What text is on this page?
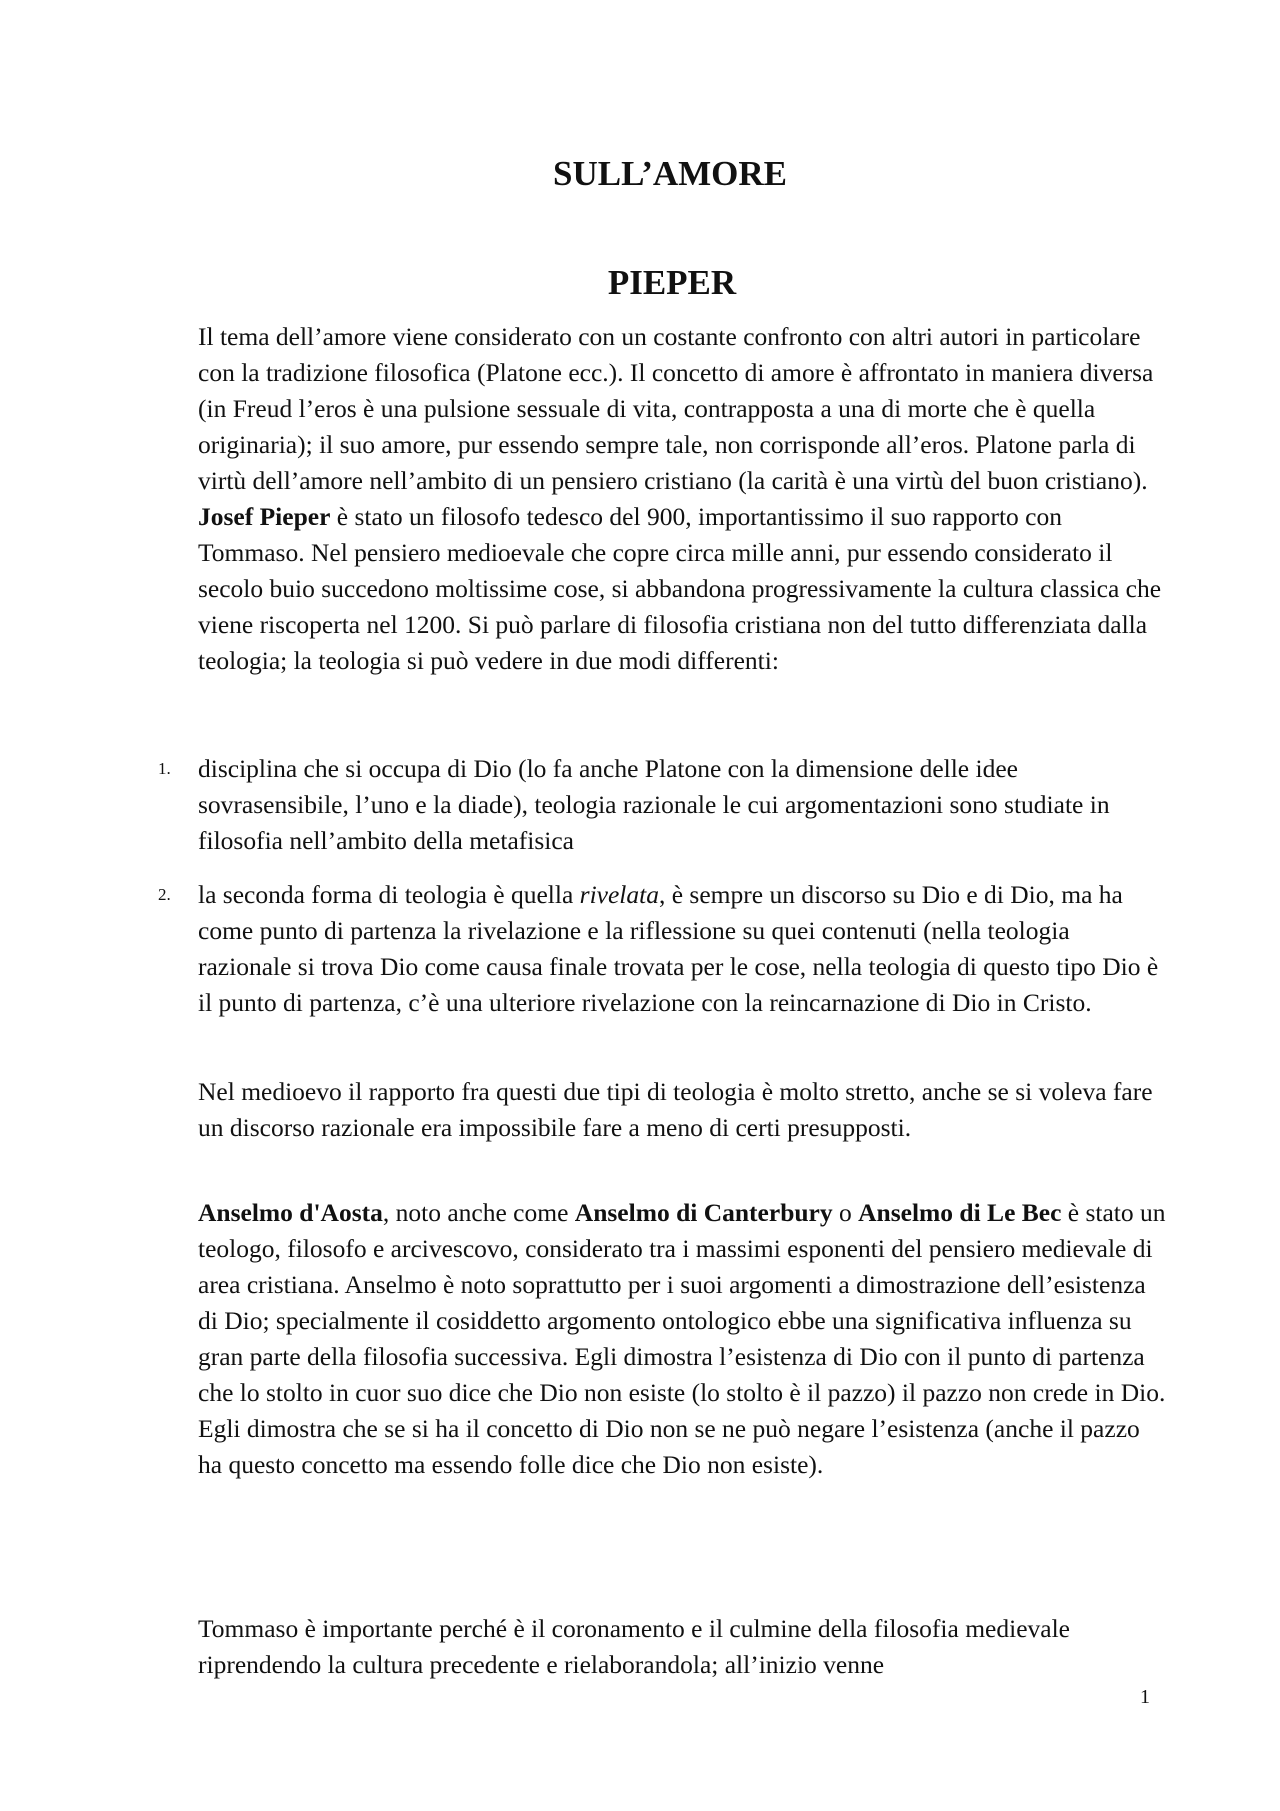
SULL’AMORE
PIEPER

Il tema dell’amore viene considerato con un costante confronto con altri autori in particolare con la tradizione filosofica (Platone ecc.). Il concetto di amore è affrontato in maniera diversa (in Freud l’eros è una pulsione sessuale di vita, contrapposta a una di morte che è quella originaria); il suo amore, pur essendo sempre tale, non corrisponde all’eros. Platone parla di virtù dell’amore nell’ambito di un pensiero cristiano (la carità è una virtù del buon cristiano). Josef Pieper è stato un filosofo tedesco del 900, importantissimo il suo rapporto con Tommaso. Nel pensiero medioevale che copre circa mille anni, pur essendo considerato il secolo buio succedono moltissime cose, si abbandona progressivamente la cultura classica che viene riscoperta nel 1200. Si può parlare di filosofia cristiana non del tutto differenziata dalla teologia; la teologia si può vedere in due modi differenti:

1. disciplina che si occupa di Dio (lo fa anche Platone con la dimensione delle idee sovrasensibile, l’uno e la diade), teologia razionale le cui argomentazioni sono studiate in filosofia nell’ambito della metafisica
2. la seconda forma di teologia è quella rivelata, è sempre un discorso su Dio e di Dio, ma ha come punto di partenza la rivelazione e la riflessione su quei contenuti (nella teologia razionale si trova Dio come causa finale trovata per le cose, nella teologia di questo tipo Dio è il punto di partenza, c’è una ulteriore rivelazione con la reincarnazione di Dio in Cristo.

Nel medioevo il rapporto fra questi due tipi di teologia è molto stretto, anche se si voleva fare un discorso razionale era impossibile fare a meno di certi presupposti.

Anselmo d'Aosta, noto anche come Anselmo di Canterbury o Anselmo di Le Bec è stato un teologo, filosofo e arcivescovo, considerato tra i massimi esponenti del pensiero medievale di area cristiana. Anselmo è noto soprattutto per i suoi argomenti a dimostrazione dell’esistenza di Dio; specialmente il cosiddetto argomento ontologico ebbe una significativa influenza su gran parte della filosofia successiva. Egli dimostra l’esistenza di Dio con il punto di partenza che lo stolto in cuor suo dice che Dio non esiste (lo stolto è il pazzo) il pazzo non crede in Dio. Egli dimostra che se si ha il concetto di Dio non se ne può negare l’esistenza (anche il pazzo ha questo concetto ma essendo folle dice che Dio non esiste).

Tommaso è importante perché è il coronamento e il culmine della filosofia medievale riprendendo la cultura precedente e rielaborandola; all’inizio venne

1
